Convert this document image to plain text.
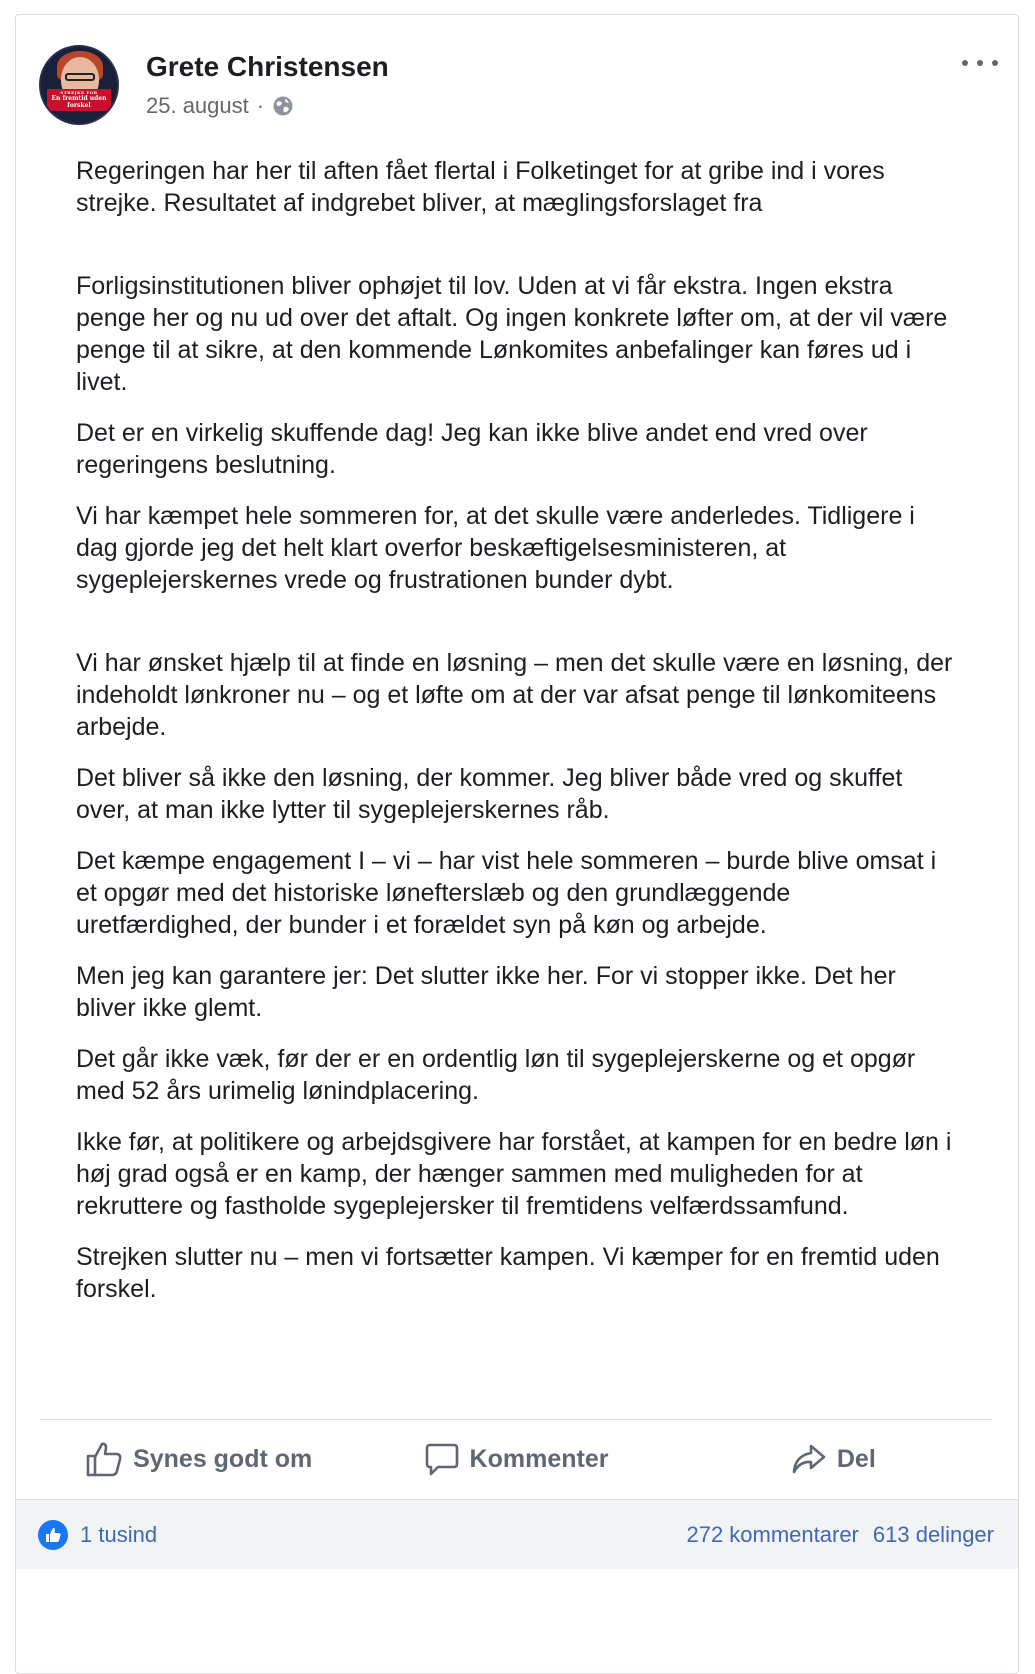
STREJKE FOR
En fremtid uden forskel
Grete Christensen
25. august ·

Regeringen har her til aften fået flertal i Folketinget for at gribe ind i vores strejke. Resultatet af indgrebet bliver, at mæglingsforslaget fra

Forligsinstitutionen bliver ophøjet til lov. Uden at vi får ekstra. Ingen ekstra penge her og nu ud over det aftalt. Og ingen konkrete løfter om, at der vil være penge til at sikre, at den kommende Lønkomites anbefalinger kan føres ud i livet.

Det er en virkelig skuffende dag! Jeg kan ikke blive andet end vred over regeringens beslutning.

Vi har kæmpet hele sommeren for, at det skulle være anderledes. Tidligere i dag gjorde jeg det helt klart overfor beskæftigelsesministeren, at sygeplejerskernes vrede og frustrationen bunder dybt.

Vi har ønsket hjælp til at finde en løsning – men det skulle være en løsning, der indeholdt lønkroner nu – og et løfte om at der var afsat penge til lønkomiteens arbejde.

Det bliver så ikke den løsning, der kommer. Jeg bliver både vred og skuffet over, at man ikke lytter til sygeplejerskernes råb.

Det kæmpe engagement I – vi – har vist hele sommeren – burde blive omsat i et opgør med det historiske lønefterslæb og den grundlæggende uretfærdighed, der bunder i et forældet syn på køn og arbejde.

Men jeg kan garantere jer: Det slutter ikke her. For vi stopper ikke. Det her bliver ikke glemt.

Det går ikke væk, før der er en ordentlig løn til sygeplejerskerne og et opgør med 52 års urimelig lønindplacering.

Ikke før, at politikere og arbejdsgivere har forstået, at kampen for en bedre løn i høj grad også er en kamp, der hænger sammen med muligheden for at rekruttere og fastholde sygeplejersker til fremtidens velfærdssamfund.

Strejken slutter nu – men vi fortsætter kampen. Vi kæmper for en fremtid uden forskel.

Synes godt om	Kommenter	Del
1 tusind	272 kommentarer 613 delinger
